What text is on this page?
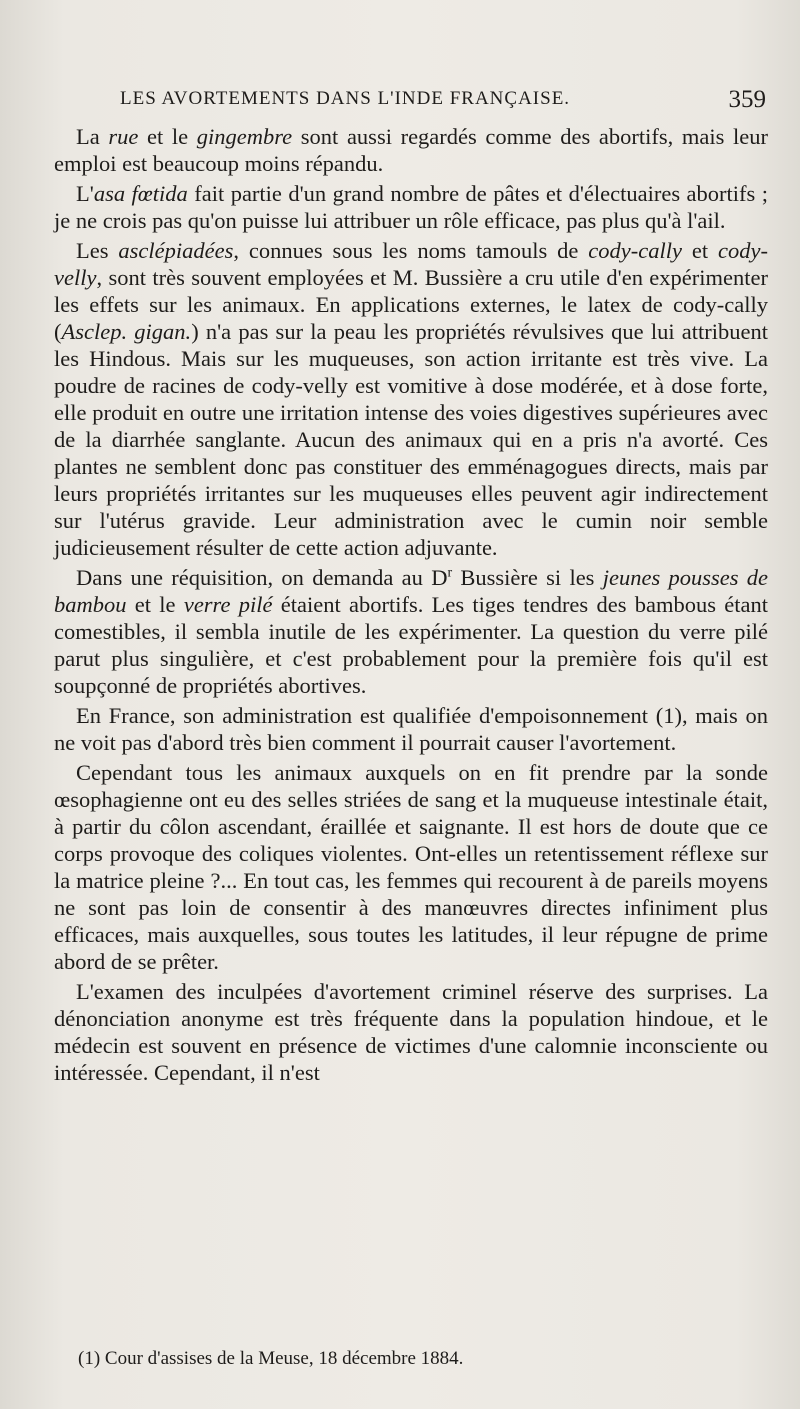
LES AVORTEMENTS DANS L'INDE FRANÇAISE.	359

La rue et le gingembre sont aussi regardés comme des abortifs, mais leur emploi est beaucoup moins répandu.

L'asa fœtida fait partie d'un grand nombre de pâtes et d'électuaires abortifs ; je ne crois pas qu'on puisse lui attribuer un rôle efficace, pas plus qu'à l'ail.

Les asclépiadées, connues sous les noms tamouls de cody-cally et cody-velly, sont très souvent employées et M. Bussière a cru utile d'en expérimenter les effets sur les animaux. En applications externes, le latex de cody-cally (Asclep. gigan.) n'a pas sur la peau les propriétés révulsives que lui attribuent les Hindous. Mais sur les muqueuses, son action irritante est très vive. La poudre de racines de cody-velly est vomitive à dose modérée, et à dose forte, elle produit en outre une irritation intense des voies digestives supérieures avec de la diarrhée sanglante. Aucun des animaux qui en a pris n'a avorté. Ces plantes ne semblent donc pas constituer des emménagogues directs, mais par leurs propriétés irritantes sur les muqueuses elles peuvent agir indirectement sur l'utérus gravide. Leur administration avec le cumin noir semble judicieusement résulter de cette action adjuvante.

Dans une réquisition, on demanda au $D^r$ Bussière si les jeunes pousses de bambou et le verre pilé étaient abortifs. Les tiges tendres des bambous étant comestibles, il sembla inutile de les expérimenter. La question du verre pilé parut plus singulière, et c'est probablement pour la première fois qu'il est soupçonné de propriétés abortives.

En France, son administration est qualifiée d'empoisonnement (1), mais on ne voit pas d'abord très bien comment il pourrait causer l'avortement.

Cependant tous les animaux auxquels on en fit prendre par la sonde œsophagienne ont eu des selles striées de sang et la muqueuse intestinale était, à partir du côlon ascendant, éraillée et saignante. Il est hors de doute que ce corps provoque des coliques violentes. Ont-elles un retentissement réflexe sur la matrice pleine ?... En tout cas, les femmes qui recourent à de pareils moyens ne sont pas loin de consentir à des manœuvres directes infiniment plus efficaces, mais auxquelles, sous toutes les latitudes, il leur répugne de prime abord de se prêter.

L'examen des inculpées d'avortement criminel réserve des surprises. La dénonciation anonyme est très fréquente dans la population hindoue, et le médecin est souvent en présence de victimes d'une calomnie inconsciente ou intéressée. Cependant, il n'est

(1) Cour d'assises de la Meuse, 18 décembre 1884.
